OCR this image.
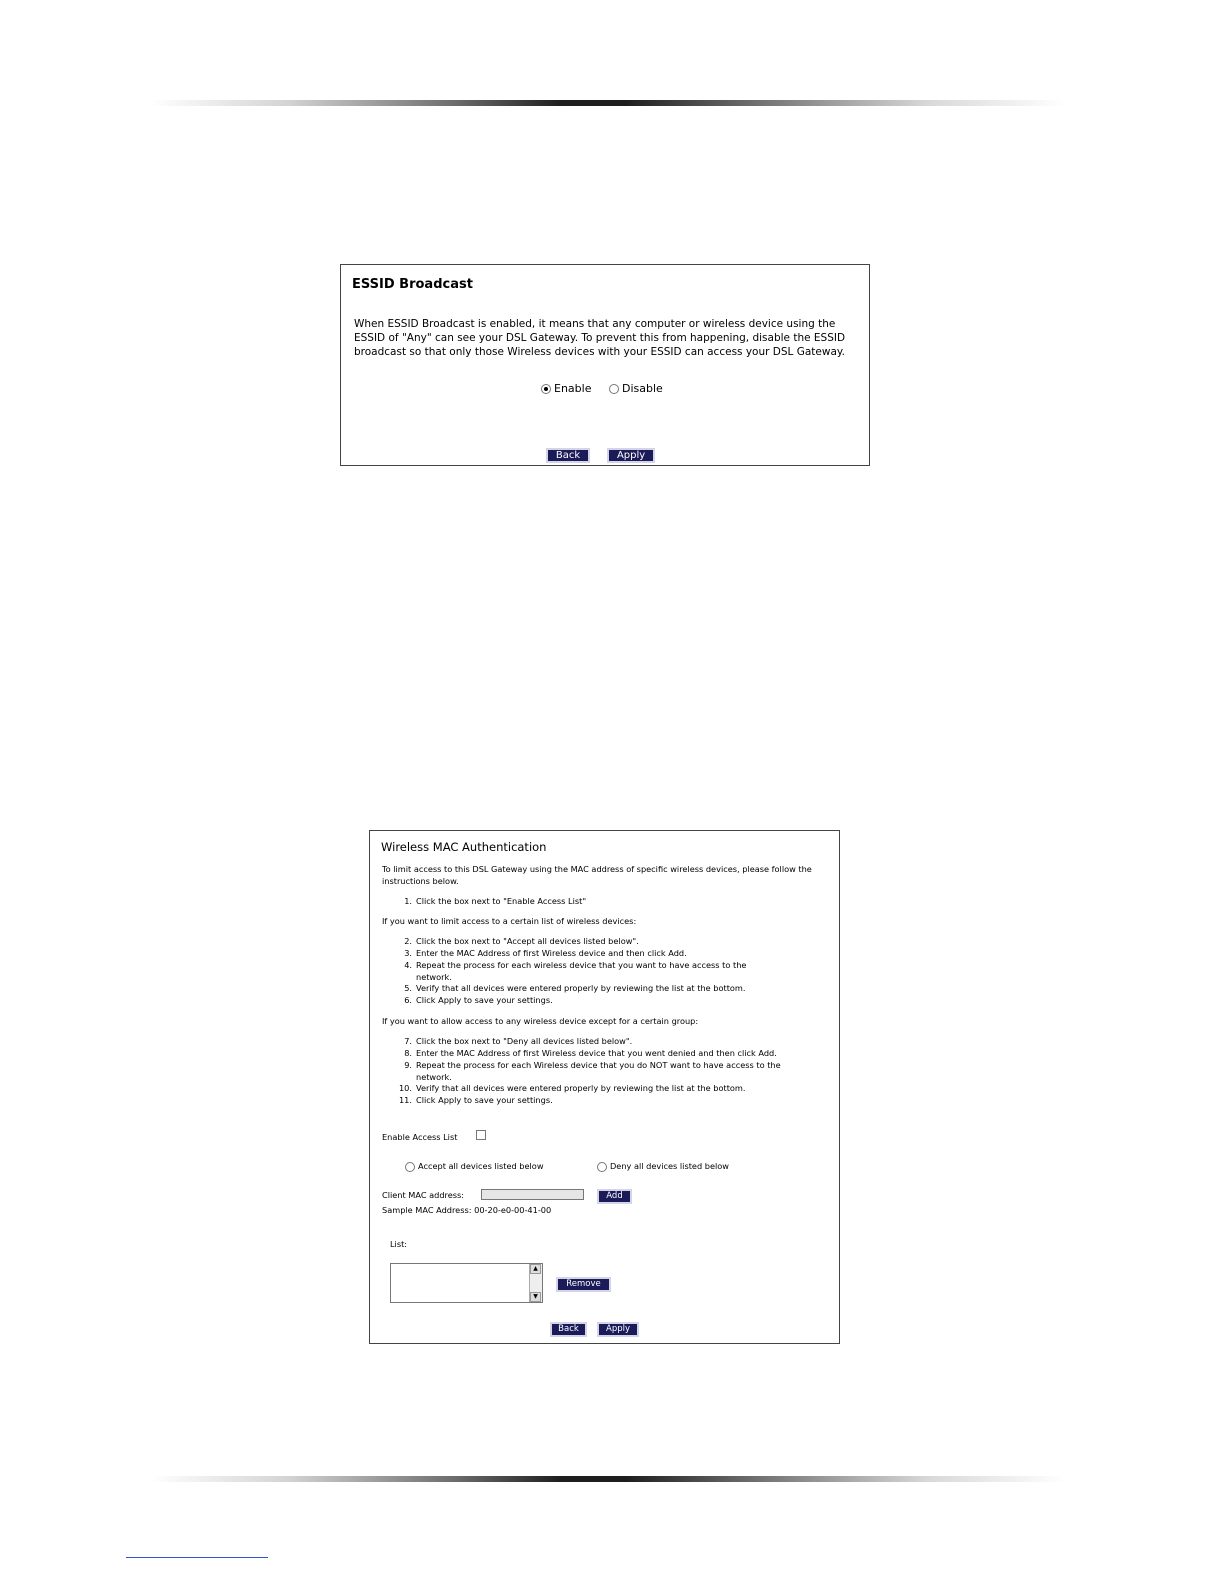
ESSID Broadcast
When ESSID Broadcast is enabled, it means that any computer or wireless device using the ESSID of "Any" can see your DSL Gateway. To prevent this from happening, disable the ESSID broadcast so that only those Wireless devices with your ESSID can access your DSL Gateway.
Enable	Disable
Back	Apply
Wireless MAC Authentication
To limit access to this DSL Gateway using the MAC address of specific wireless devices, please follow the instructions below.
1. Click the box next to "Enable Access List"
If you want to limit access to a certain list of wireless devices:
2. Click the box next to "Accept all devices listed below".
3. Enter the MAC Address of first Wireless device and then click Add.
4. Repeat the process for each wireless device that you want to have access to the network.
5. Verify that all devices were entered properly by reviewing the list at the bottom.
6. Click Apply to save your settings.
If you want to allow access to any wireless device except for a certain group:
7. Click the box next to "Deny all devices listed below".
8. Enter the MAC Address of first Wireless device that you went denied and then click Add.
9. Repeat the process for each Wireless device that you do NOT want to have access to the network.
10. Verify that all devices were entered properly by reviewing the list at the bottom.
11. Click Apply to save your settings.
Enable Access List
Accept all devices listed below	Deny all devices listed below
Client MAC address:	Add
Sample MAC Address: 00-20-e0-00-41-00
List:
▲
▼
Remove
Back	Apply
